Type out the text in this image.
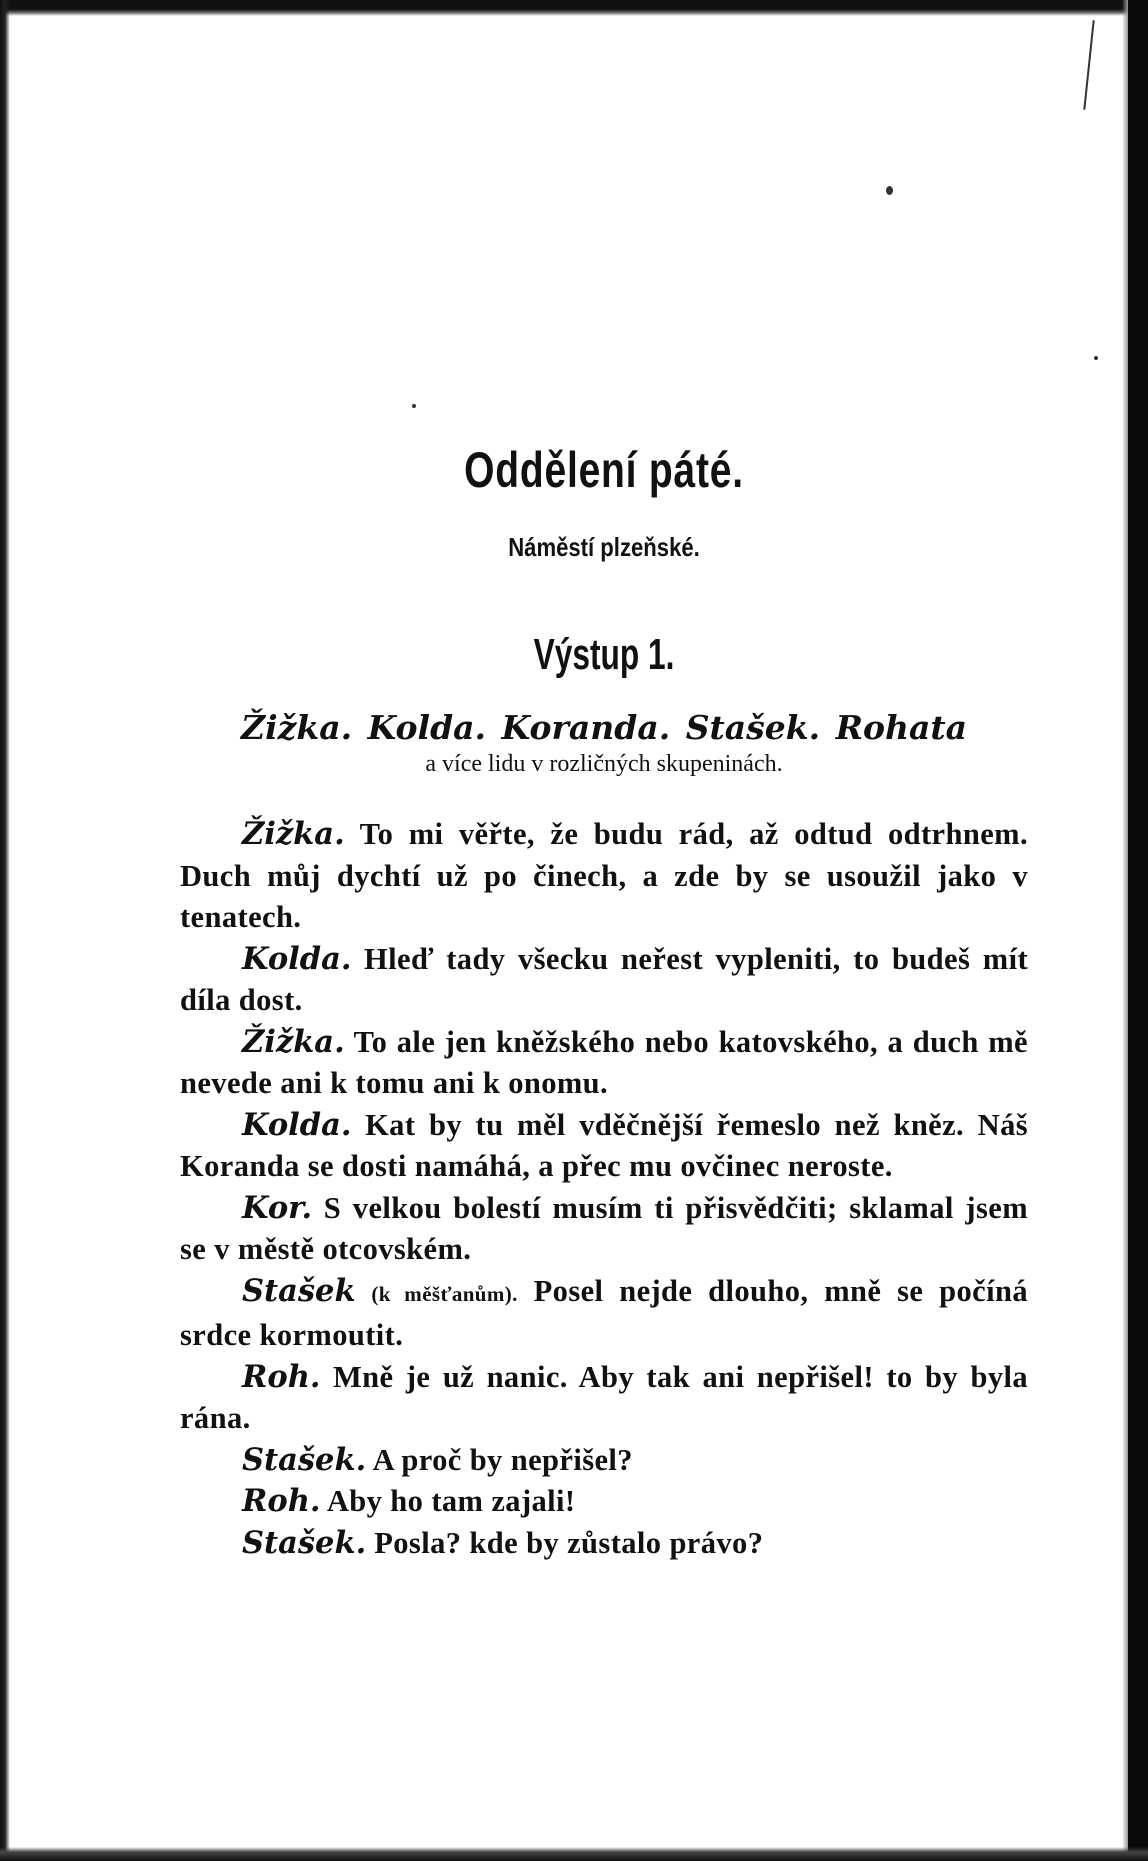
Oddělení páté.

Náměstí plzeňské.

Výstup 1.

Žižka. Kolda. Koranda. Stašek. Rohata

a více lidu v rozličných skupeninách.

Žižka. To mi věřte, že budu rád, až odtud odtrhnem. Duch můj dychtí už po činech, a zde by se usoužil jako v tenatech.

Kolda. Hleď tady všecku neřest vypleniti, to budeš mít díla dost.

Žižka. To ale jen kněžského nebo katovského, a duch mě nevede ani k tomu ani k onomu.

Kolda. Kat by tu měl vděčnější řemeslo než kněz. Náš Koranda se dosti namáhá, a přec mu ovčinec neroste.

Kor. S velkou bolestí musím ti přisvědčiti; sklamal jsem se v městě otcovském.

Stašek (k měšťanům). Posel nejde dlouho, mně se počíná srdce kormoutit.

Roh. Mně je už nanic. Aby tak ani nepřišel! to by byla rána.

Stašek. A proč by nepřišel?

Roh. Aby ho tam zajali!

Stašek. Posla? kde by zůstalo právo?
